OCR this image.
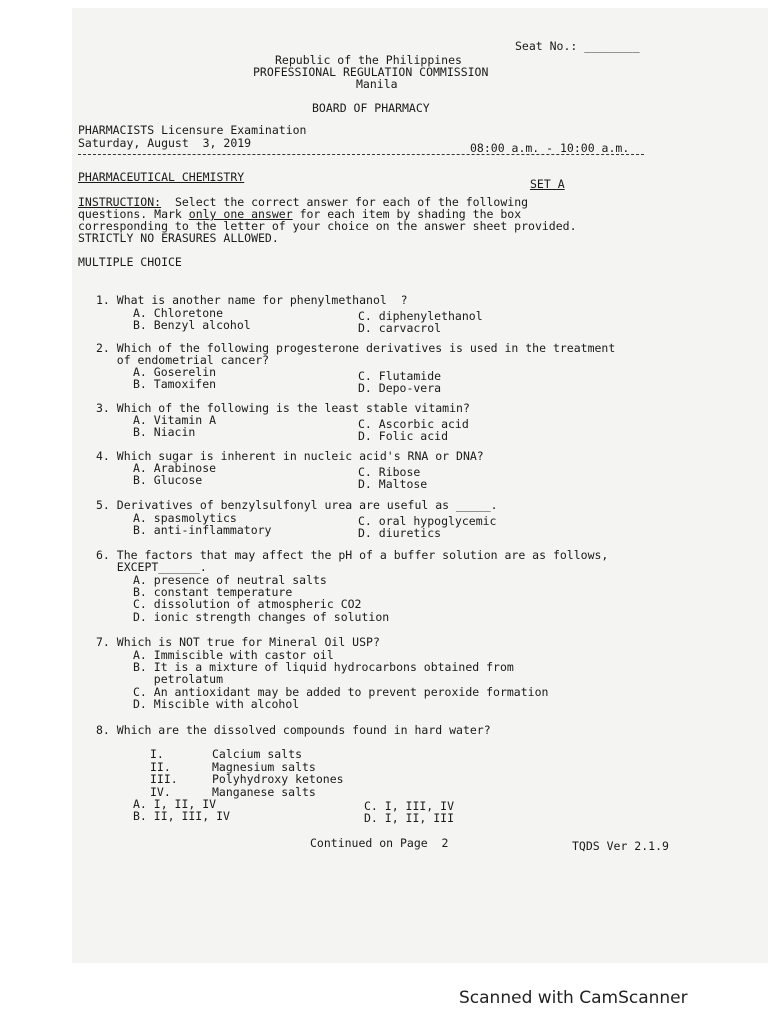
Seat No.: ________
Republic of the Philippines
PROFESSIONAL REGULATION COMMISSION
Manila
BOARD OF PHARMACY
PHARMACISTS Licensure Examination
Saturday, August  3, 2019	08:00 a.m. - 10:00 a.m.
PHARMACEUTICAL CHEMISTRY	SET A
INSTRUCTION:  Select the correct answer for each of the following
questions. Mark only one answer for each item by shading the box
corresponding to the letter of your choice on the answer sheet provided.
STRICTLY NO ERASURES ALLOWED.
MULTIPLE CHOICE
1. What is another name for phenylmethanol  ?
A. Chloretone
B. Benzyl alcohol
C. diphenylethanol
D. carvacrol
2. Which of the following progesterone derivatives is used in the treatment
of endometrial cancer?
A. Goserelin
B. Tamoxifen
C. Flutamide
D. Depo-vera
3. Which of the following is the least stable vitamin?
A. Vitamin A
B. Niacin
C. Ascorbic acid
D. Folic acid
4. Which sugar is inherent in nucleic acid's RNA or DNA?
A. Arabinose
B. Glucose
C. Ribose
D. Maltose
5. Derivatives of benzylsulfonyl urea are useful as _____.
A. spasmolytics
B. anti-inflammatory
C. oral hypoglycemic
D. diuretics
6. The factors that may affect the pH of a buffer solution are as follows,
EXCEPT______.
A. presence of neutral salts
B. constant temperature
C. dissolution of atmospheric CO2
D. ionic strength changes of solution
7. Which is NOT true for Mineral Oil USP?
A. Immiscible with castor oil
B. It is a mixture of liquid hydrocarbons obtained from
petrolatum
C. An antioxidant may be added to prevent peroxide formation
D. Miscible with alcohol
8. Which are the dissolved compounds found in hard water?
I.	Calcium salts
II.	Magnesium salts
III.	Polyhydroxy ketones
IV.	Manganese salts
A. I, II, IV
B. II, III, IV
C. I, III, IV
D. I, II, III
Continued on Page  2	TQDS Ver 2.1.9
Scanned with CamScanner
